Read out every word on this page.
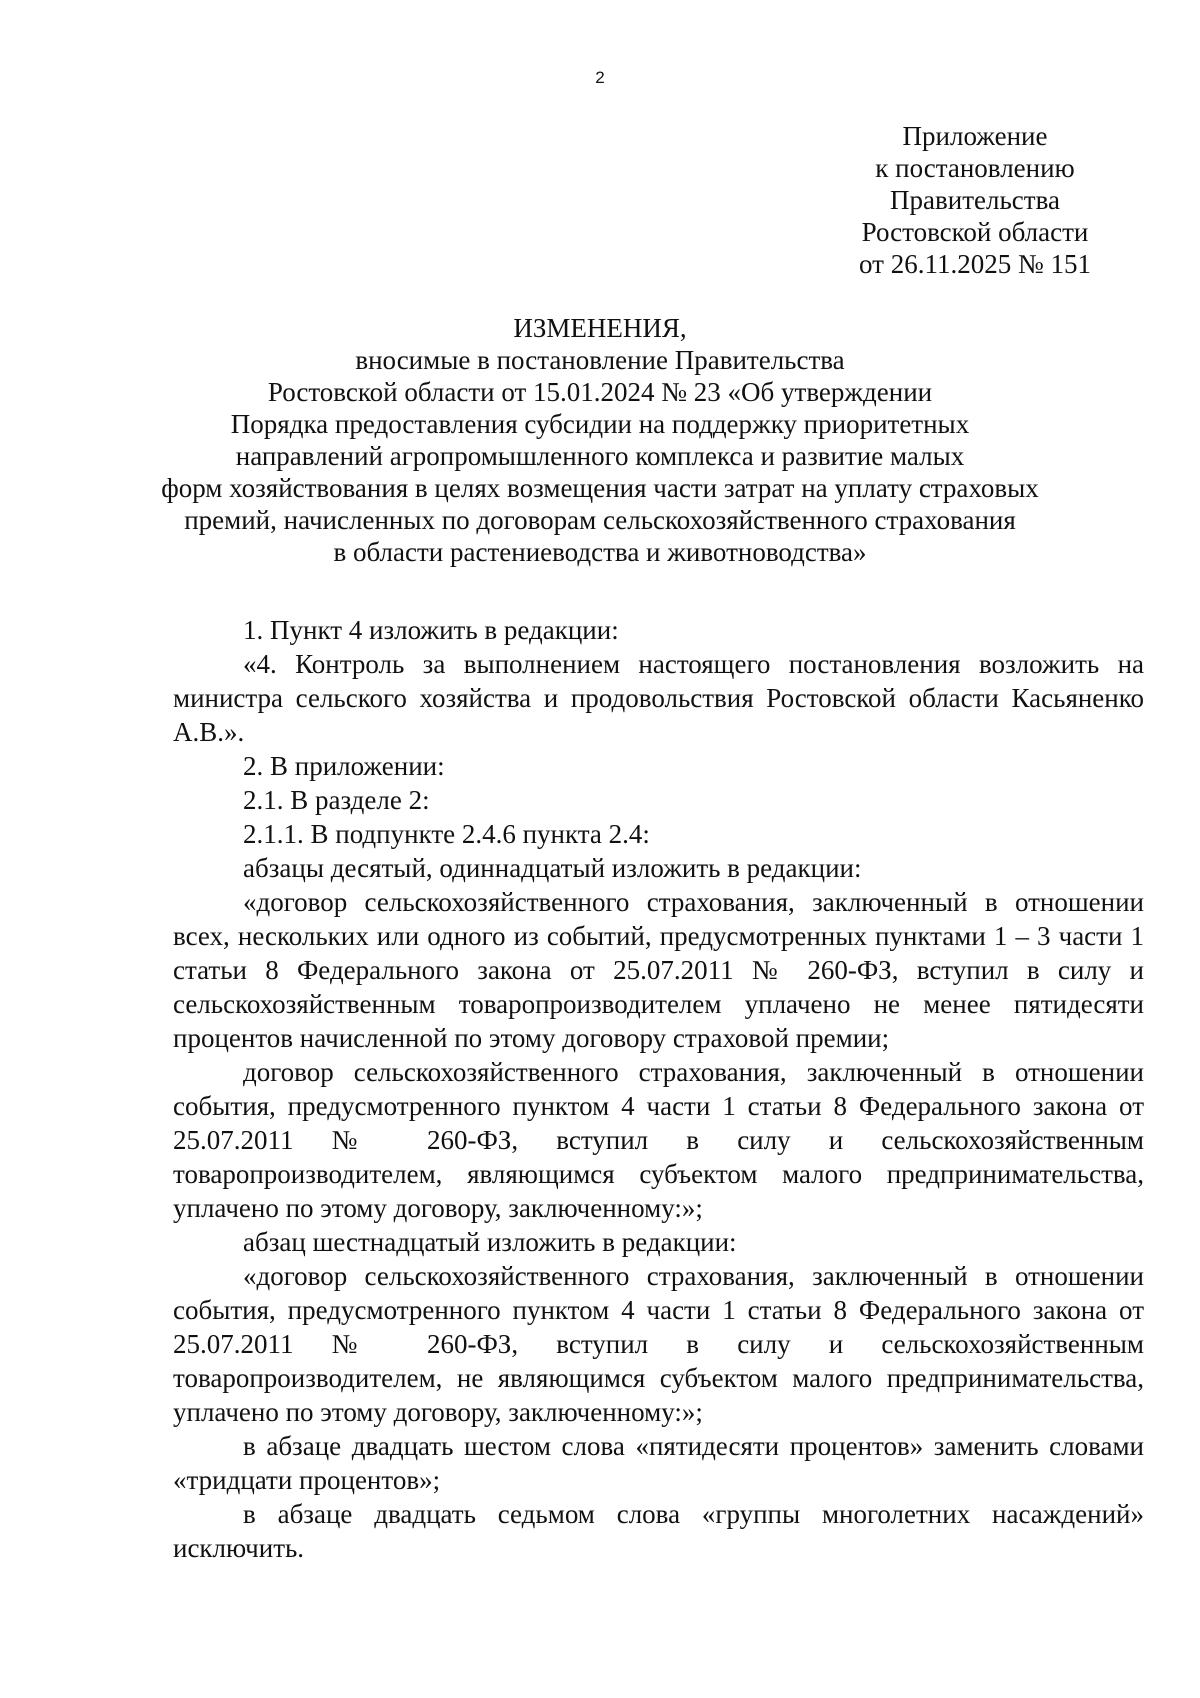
2
Приложение
к постановлению
Правительства
Ростовской области
от 26.11.2025 № 151
ИЗМЕНЕНИЯ,
вносимые в постановление Правительства
Ростовской области от 15.01.2024 № 23 «Об утверждении
Порядка предоставления субсидии на поддержку приоритетных
направлений агропромышленного комплекса и развитие малых
форм хозяйствования в целях возмещения части затрат на уплату страховых
премий, начисленных по договорам сельскохозяйственного страхования
в области растениеводства и животноводства»

1. Пункт 4 изложить в редакции:

«4. Контроль за выполнением настоящего постановления возложить на министра сельского хозяйства и продовольствия Ростовской области Касьяненко А.В.».

2. В приложении:

2.1. В разделе 2:

2.1.1. В подпункте 2.4.6 пункта 2.4:

абзацы десятый, одиннадцатый изложить в редакции:

«договор сельскохозяйственного страхования, заключенный в отношении всех, нескольких или одного из событий, предусмотренных пунктами 1 – 3 части 1 статьи 8 Федерального закона от 25.07.2011 № 260-ФЗ, вступил в силу и сельскохозяйственным товаропроизводителем уплачено не менее пятидесяти процентов начисленной по этому договору страховой премии;

договор сельскохозяйственного страхования, заключенный в отношении события, предусмотренного пунктом 4 части 1 статьи 8 Федерального закона от 25.07.2011 № 260-ФЗ, вступил в силу и сельскохозяйственным товаропроизводителем, являющимся субъектом малого предпринимательства, уплачено по этому договору, заключенному:»;

абзац шестнадцатый изложить в редакции:

«договор сельскохозяйственного страхования, заключенный в отношении события, предусмотренного пунктом 4 части 1 статьи 8 Федерального закона от 25.07.2011 № 260-ФЗ, вступил в силу и сельскохозяйственным товаропроизводителем, не являющимся субъектом малого предпринимательства, уплачено по этому договору, заключенному:»;

в абзаце двадцать шестом слова «пятидесяти процентов» заменить словами «тридцати процентов»;

в абзаце двадцать седьмом слова «группы многолетних насаждений» исключить.
